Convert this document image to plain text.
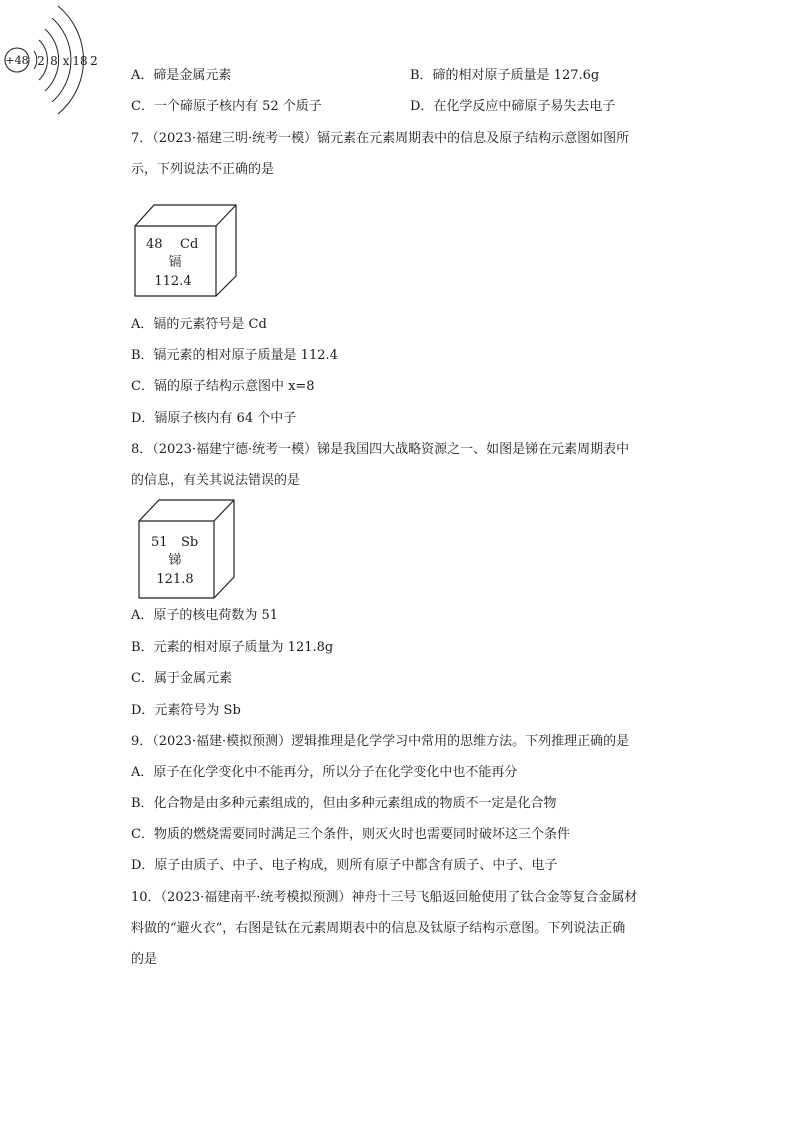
A．碲是金属元素	B．碲的相对原子质量是 127.6g
C．一个碲原子核内有 52 个质子	D．在化学反应中碲原子易失去电子
7．（2023·福建三明·统考一模）镉元素在元素周期表中的信息及原子结构示意图如图所
示，下列说法不正确的是
48 Cd
镉
112.4
+48 2 8 x 18 2
A．镉的元素符号是 Cd
B．镉元素的相对原子质量是 112.4
C．镉的原子结构示意图中 x=8
D．镉原子核内有 64 个中子
8．（2023·福建宁德·统考一模）锑是我国四大战略资源之一、如图是锑在元素周期表中
的信息，有关其说法错误的是
51 Sb
锑
121.8
A．原子的核电荷数为 51
B．元素的相对原子质量为 121.8g
C．属于金属元素
D．元素符号为 Sb
9．（2023·福建·模拟预测）逻辑推理是化学学习中常用的思维方法。下列推理正确的是
A．原子在化学变化中不能再分，所以分子在化学变化中也不能再分
B．化合物是由多种元素组成的，但由多种元素组成的物质不一定是化合物
C．物质的燃烧需要同时满足三个条件，则灭火时也需要同时破坏这三个条件
D．原子由质子、中子、电子构成，则所有原子中都含有质子、中子、电子
10．（2023·福建南平·统考模拟预测）神舟十三号飞船返回舱使用了钛合金等复合金属材
料做的“避火衣”，右图是钛在元素周期表中的信息及钛原子结构示意图。下列说法正确
的是
